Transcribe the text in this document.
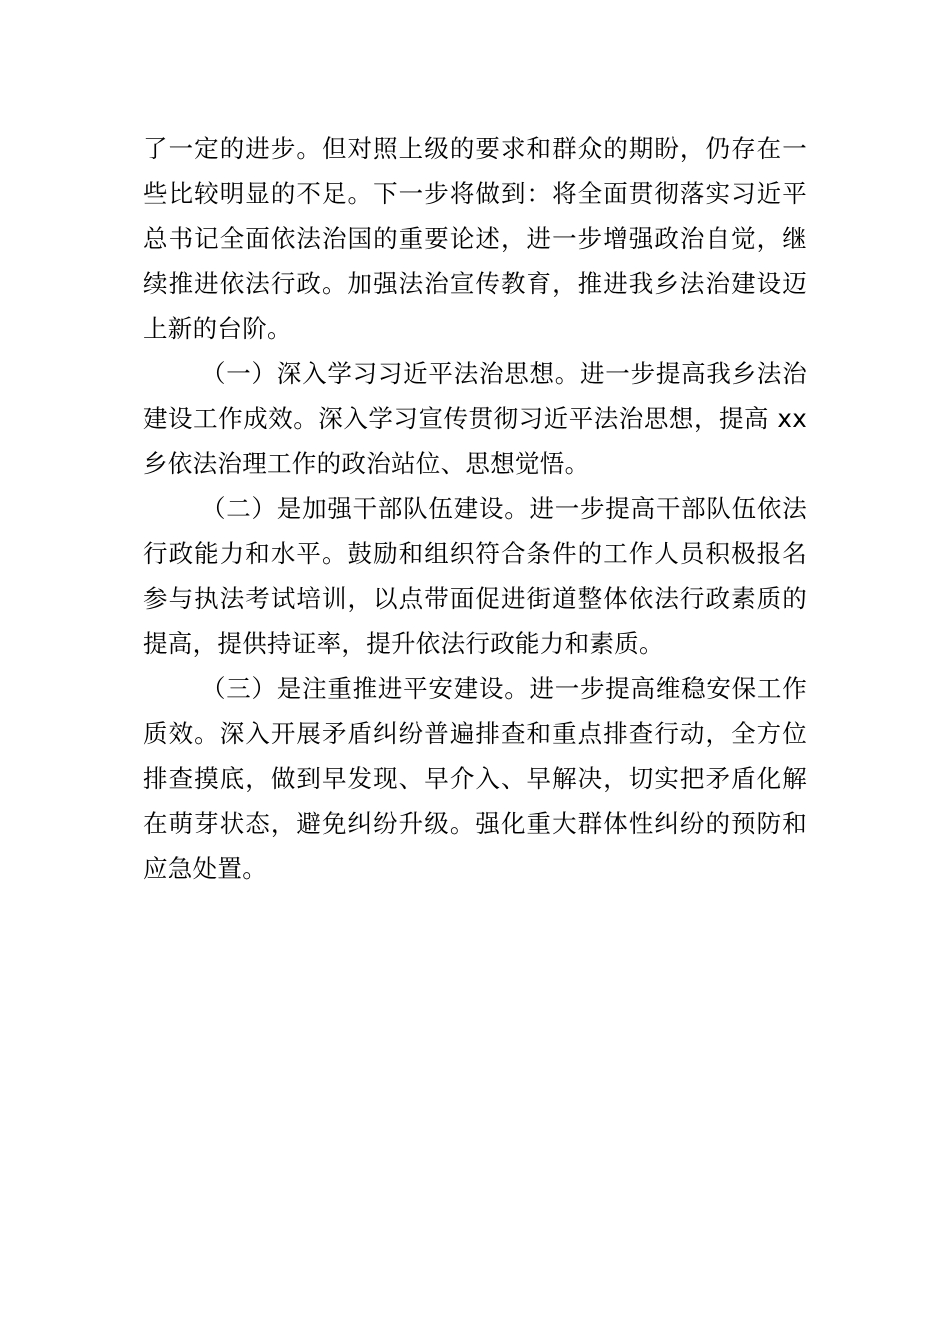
了一定的进步。但对照上级的要求和群众的期盼，仍存在一些比较明显的不足。下一步将做到：将全面贯彻落实习近平总书记全面依法治国的重要论述，进一步增强政治自觉，继续推进依法行政。加强法治宣传教育，推进我乡法治建设迈上新的台阶。

（一）深入学习习近平法治思想。进一步提高我乡法治建设工作成效。深入学习宣传贯彻习近平法治思想，提高 xx 乡依法治理工作的政治站位、思想觉悟。

（二）是加强干部队伍建设。进一步提高干部队伍依法行政能力和水平。鼓励和组织符合条件的工作人员积极报名参与执法考试培训，以点带面促进街道整体依法行政素质的提高，提供持证率，提升依法行政能力和素质。

（三）是注重推进平安建设。进一步提高维稳安保工作质效。深入开展矛盾纠纷普遍排查和重点排查行动，全方位排查摸底，做到早发现、早介入、早解决，切实把矛盾化解在萌芽状态，避免纠纷升级。强化重大群体性纠纷的预防和应急处置。
